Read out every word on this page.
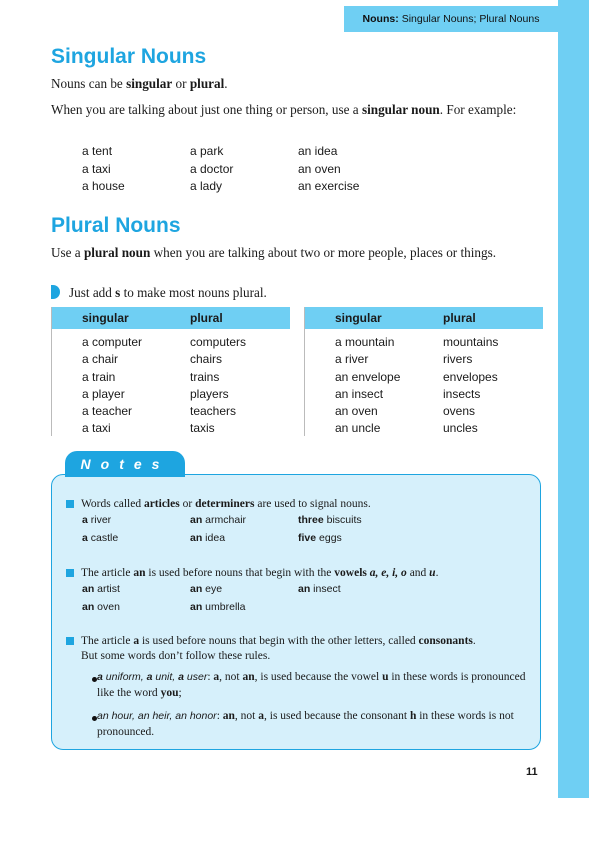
Nouns: Singular Nouns; Plural Nouns
Singular Nouns

Nouns can be singular or plural.

When you are talking about just one thing or person, use a singular noun. For example:

a tent	a park	an idea
a taxi	a doctor	an oven
a house	a lady	an exercise
Plural Nouns

Use a plural noun when you are talking about two or more people, places or things.

Just add s to make most nouns plural.

singular	plural
a computer	computers
a chair	chairs
a train	trains
a player	players
a teacher	teachers
a taxi	taxis
singular	plural
a mountain	mountains
a river	rivers
an envelope	envelopes
an insect	insects
an oven	ovens
an uncle	uncles
Notes
Words called articles or determiners are used to signal nouns.
a river	an armchair	three biscuits
a castle	an idea	five eggs
The article an is used before nouns that begin with the vowels a, e, i, o and u.
an artist	an eye	an insect
an oven	an umbrella
The article a is used before nouns that begin with the other letters, called consonants.
But some words don’t follow these rules.
a uniform, a unit, a user: a, not an, is used because the vowel u in these words is pronounced like the word you;
an hour, an heir, an honor: an, not a, is used because the consonant h in these words is not pronounced.
11
